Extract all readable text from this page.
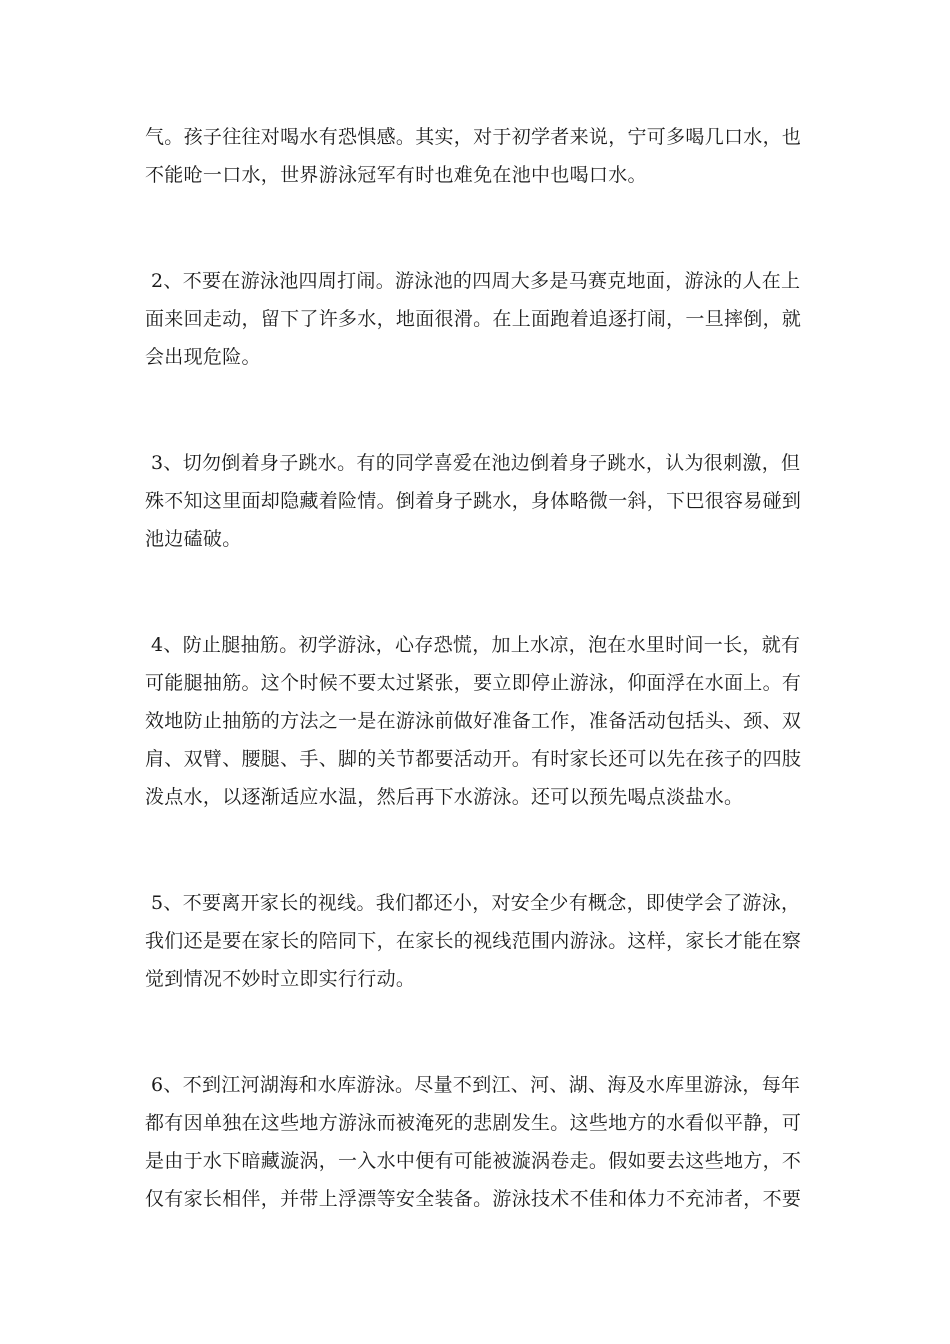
气。孩子往往对喝水有恐惧感。其实，对于初学者来说，宁可多喝几口水，也
不能呛一口水，世界游泳冠军有时也难免在池中也喝口水。
2、不要在游泳池四周打闹。游泳池的四周大多是马赛克地面，游泳的人在上
面来回走动，留下了许多水，地面很滑。在上面跑着追逐打闹，一旦摔倒，就
会出现危险。
3、切勿倒着身子跳水。有的同学喜爱在池边倒着身子跳水，认为很刺激，但
殊不知这里面却隐藏着险情。倒着身子跳水，身体略微一斜，下巴很容易碰到
池边磕破。
4、防止腿抽筋。初学游泳，心存恐慌，加上水凉，泡在水里时间一长，就有
可能腿抽筋。这个时候不要太过紧张，要立即停止游泳，仰面浮在水面上。有
效地防止抽筋的方法之一是在游泳前做好准备工作，准备活动包括头、颈、双
肩、双臂、腰腿、手、脚的关节都要活动开。有时家长还可以先在孩子的四肢
泼点水，以逐渐适应水温，然后再下水游泳。还可以预先喝点淡盐水。
5、不要离开家长的视线。我们都还小，对安全少有概念，即使学会了游泳，
我们还是要在家长的陪同下，在家长的视线范围内游泳。这样，家长才能在察
觉到情况不妙时立即实行行动。
6、不到江河湖海和水库游泳。尽量不到江、河、湖、海及水库里游泳，每年
都有因单独在这些地方游泳而被淹死的悲剧发生。这些地方的水看似平静，可
是由于水下暗藏漩涡，一入水中便有可能被漩涡卷走。假如要去这些地方，不
仅有家长相伴，并带上浮漂等安全装备。游泳技术不佳和体力不充沛者，不要
